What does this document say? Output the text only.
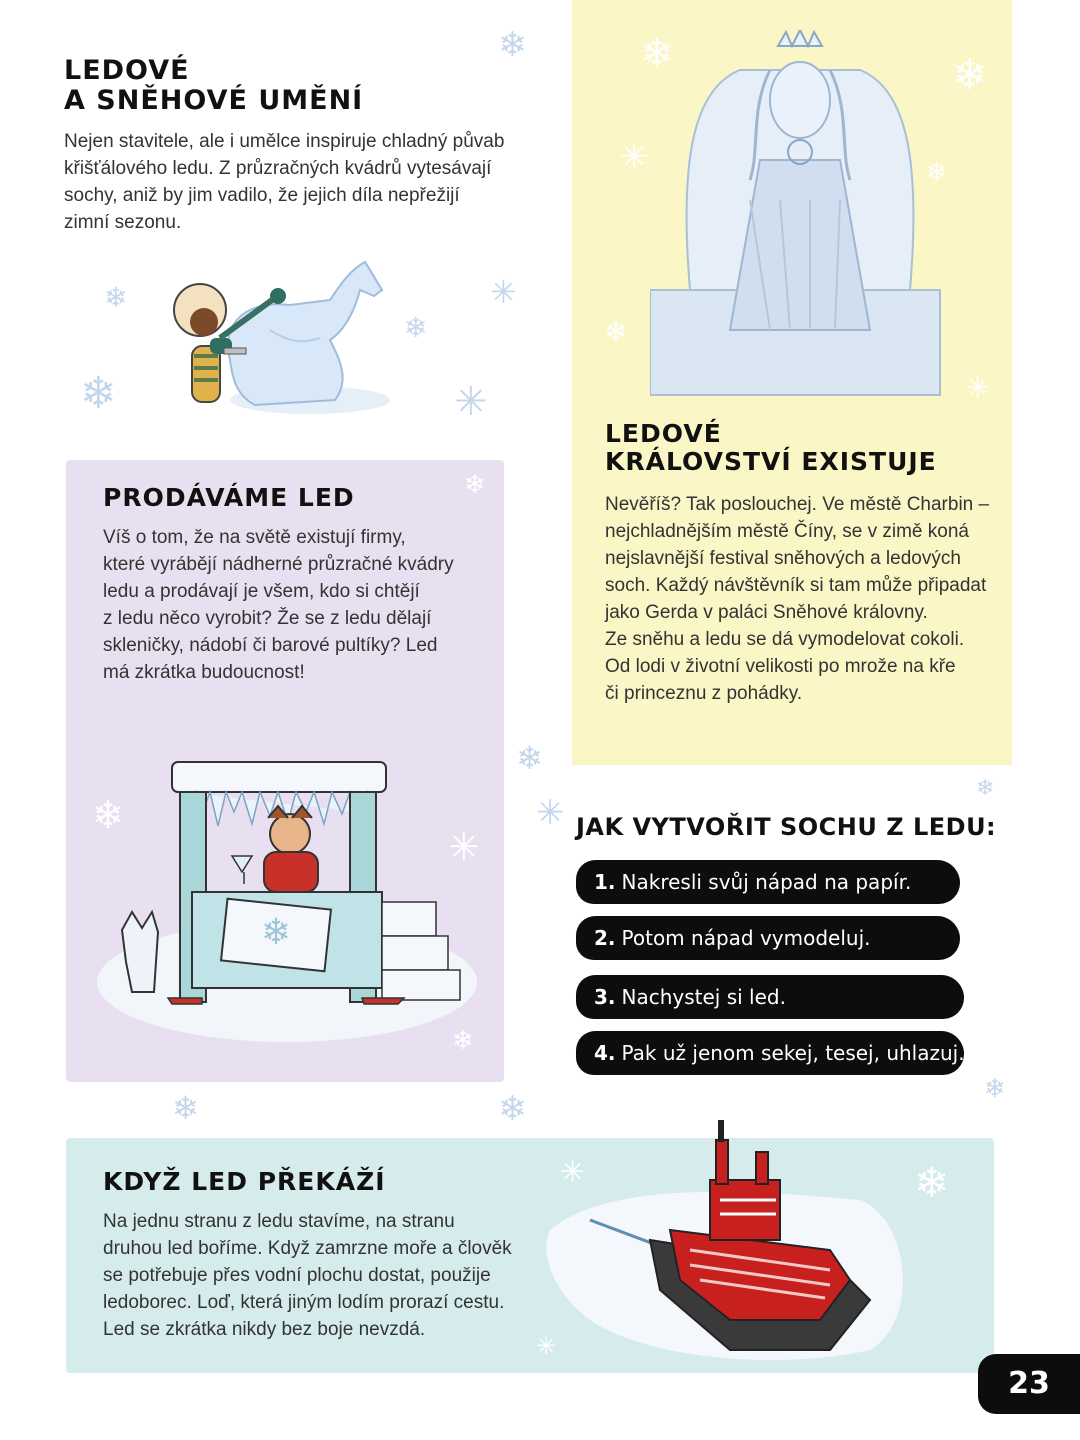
❄
❄
❄
❄	✳
✳
❄	❄
✳	❄
❄
✳
❄
❄
❄
✳
✳
❄
❄	❄	❄
❄
✳	❄
✳
LEDOVÉ
A SNĚHOVÉ UMĚNÍ
Nejen stavitele, ale i umělce inspiruje chladný půvab
křišťálového ledu. Z průzračných kvádrů vytesávají
sochy, aniž by jim vadilo, že jejich díla nepřežijí
zimní sezonu.
LEDOVÉ
KRÁLOVSTVÍ EXISTUJE
Nevěříš? Tak poslouchej. Ve městě Charbin –
nejchladnějším městě Číny, se v zimě koná
nejslavnější festival sněhových a ledových
soch. Každý návštěvník si tam může připadat
jako Gerda v paláci Sněhové královny.
Ze sněhu a ledu se dá vymodelovat cokoli.
Od lodi v životní velikosti po mrože na kře
či princeznu z pohádky.
PRODÁVÁME LED
Víš o tom, že na světě existují firmy,
které vyrábějí nádherné průzračné kvádry
ledu a prodávají je všem, kdo si chtějí
z ledu něco vyrobit? Že se z ledu dělají
skleničky, nádobí či barové pultíky? Led
má zkrátka budoucnost!
❄
JAK VYTVOŘIT SOCHU Z LEDU:
1. Nakresli svůj nápad na papír.
2. Potom nápad vymodeluj.
3. Nachystej si led.
4. Pak už jenom sekej, tesej, uhlazuj.
KDYŽ LED PŘEKÁŽÍ
Na jednu stranu z ledu stavíme, na stranu
druhou led boříme. Když zamrzne moře a člověk
se potřebuje přes vodní plochu dostat, použije
ledoborec. Loď, která jiným lodím prorazí cestu.
Led se zkrátka nikdy bez boje nevzdá.
23
